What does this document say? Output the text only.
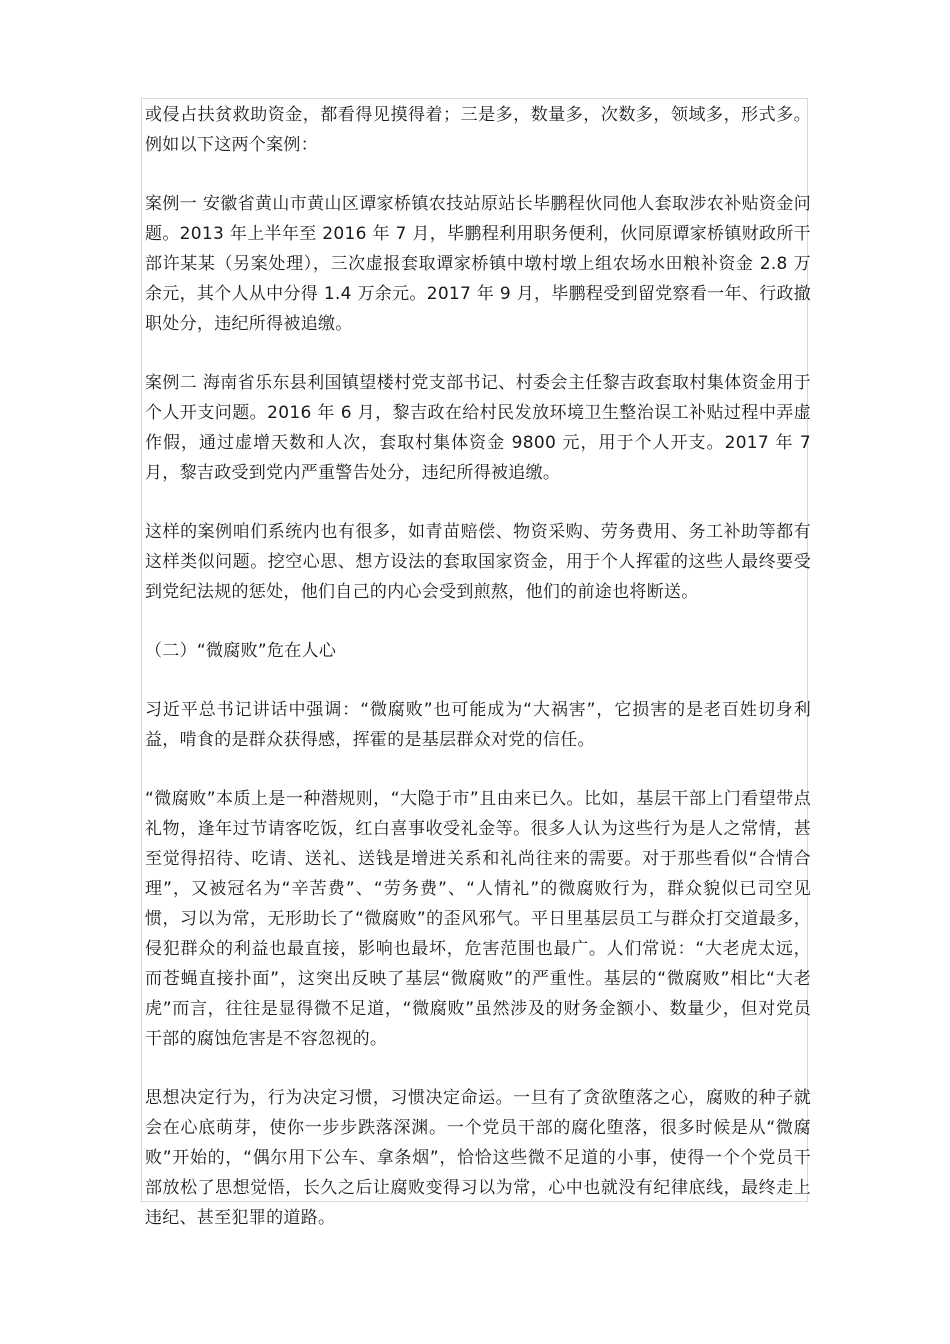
或侵占扶贫救助资金，都看得见摸得着；三是多，数量多，次数多，领域多，形式多。例如以下这两个案例：

案例一 安徽省黄山市黄山区谭家桥镇农技站原站长毕鹏程伙同他人套取涉农补贴资金问题。2013 年上半年至 2016 年 7 月，毕鹏程利用职务便利，伙同原谭家桥镇财政所干部许某某（另案处理），三次虚报套取谭家桥镇中墩村墩上组农场水田粮补资金 2.8 万余元，其个人从中分得 1.4 万余元。2017 年 9 月，毕鹏程受到留党察看一年、行政撤职处分，违纪所得被追缴。

案例二 海南省乐东县利国镇望楼村党支部书记、村委会主任黎吉政套取村集体资金用于个人开支问题。2016 年 6 月，黎吉政在给村民发放环境卫生整治误工补贴过程中弄虚作假，通过虚增天数和人次，套取村集体资金 9800 元，用于个人开支。2017 年 7 月，黎吉政受到党内严重警告处分，违纪所得被追缴。

这样的案例咱们系统内也有很多，如青苗赔偿、物资采购、劳务费用、务工补助等都有这样类似问题。挖空心思、想方设法的套取国家资金，用于个人挥霍的这些人最终要受到党纪法规的惩处，他们自己的内心会受到煎熬，他们的前途也将断送。

（二）“微腐败”危在人心

习近平总书记讲话中强调：“微腐败”也可能成为“大祸害”，它损害的是老百姓切身利益，啃食的是群众获得感，挥霍的是基层群众对党的信任。

“微腐败”本质上是一种潜规则，“大隐于市”且由来已久。比如，基层干部上门看望带点礼物，逢年过节请客吃饭，红白喜事收受礼金等。很多人认为这些行为是人之常情，甚至觉得招待、吃请、送礼、送钱是增进关系和礼尚往来的需要。对于那些看似“合情合理”，又被冠名为“辛苦费”、“劳务费”、“人情礼”的微腐败行为，群众貌似已司空见惯，习以为常，无形助长了“微腐败”的歪风邪气。平日里基层员工与群众打交道最多，侵犯群众的利益也最直接，影响也最坏，危害范围也最广。人们常说：“大老虎太远，而苍蝇直接扑面”，这突出反映了基层“微腐败”的严重性。基层的“微腐败”相比“大老虎”而言，往往是显得微不足道，“微腐败”虽然涉及的财务金额小、数量少，但对党员干部的腐蚀危害是不容忽视的。

思想决定行为，行为决定习惯，习惯决定命运。一旦有了贪欲堕落之心，腐败的种子就会在心底萌芽，使你一步步跌落深渊。一个党员干部的腐化堕落，很多时候是从“微腐败”开始的，“偶尔用下公车、拿条烟”，恰恰这些微不足道的小事，使得一个个党员干部放松了思想觉悟，长久之后让腐败变得习以为常，心中也就没有纪律底线，最终走上违纪、甚至犯罪的道路。
